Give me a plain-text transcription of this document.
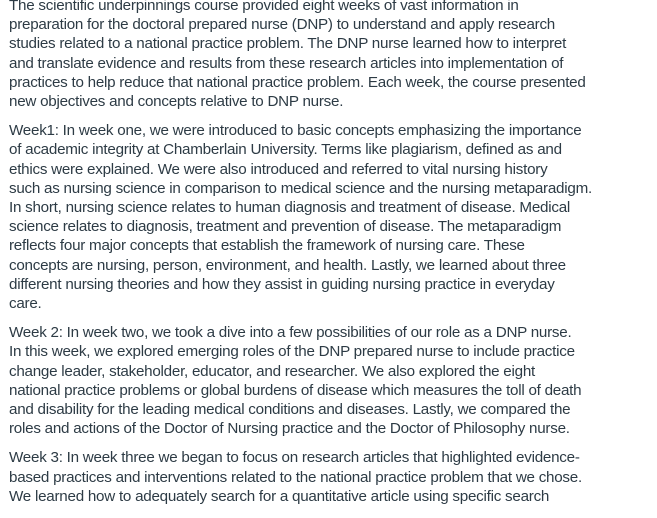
The scientific underpinnings course provided eight weeks of vast information in
preparation for the doctoral prepared nurse (DNP) to understand and apply research
studies related to a national practice problem. The DNP nurse learned how to interpret
and translate evidence and results from these research articles into implementation of
practices to help reduce that national practice problem. Each week, the course presented
new objectives and concepts relative to DNP nurse.

Week1: In week one, we were introduced to basic concepts emphasizing the importance
of academic integrity at Chamberlain University. Terms like plagiarism, defined as and
ethics were explained. We were also introduced and referred to vital nursing history
such as nursing science in comparison to medical science and the nursing metaparadigm.
In short, nursing science relates to human diagnosis and treatment of disease. Medical
science relates to diagnosis, treatment and prevention of disease. The metaparadigm
reflects four major concepts that establish the framework of nursing care. These
concepts are nursing, person, environment, and health. Lastly, we learned about three
different nursing theories and how they assist in guiding nursing practice in everyday
care.

Week 2: In week two, we took a dive into a few possibilities of our role as a DNP nurse.
In this week, we explored emerging roles of the DNP prepared nurse to include practice
change leader, stakeholder, educator, and researcher. We also explored the eight
national practice problems or global burdens of disease which measures the toll of death
and disability for the leading medical conditions and diseases. Lastly, we compared the
roles and actions of the Doctor of Nursing practice and the Doctor of Philosophy nurse.

Week 3: In week three we began to focus on research articles that highlighted evidence-
based practices and interventions related to the national practice problem that we chose.
We learned how to adequately search for a quantitative article using specific search
